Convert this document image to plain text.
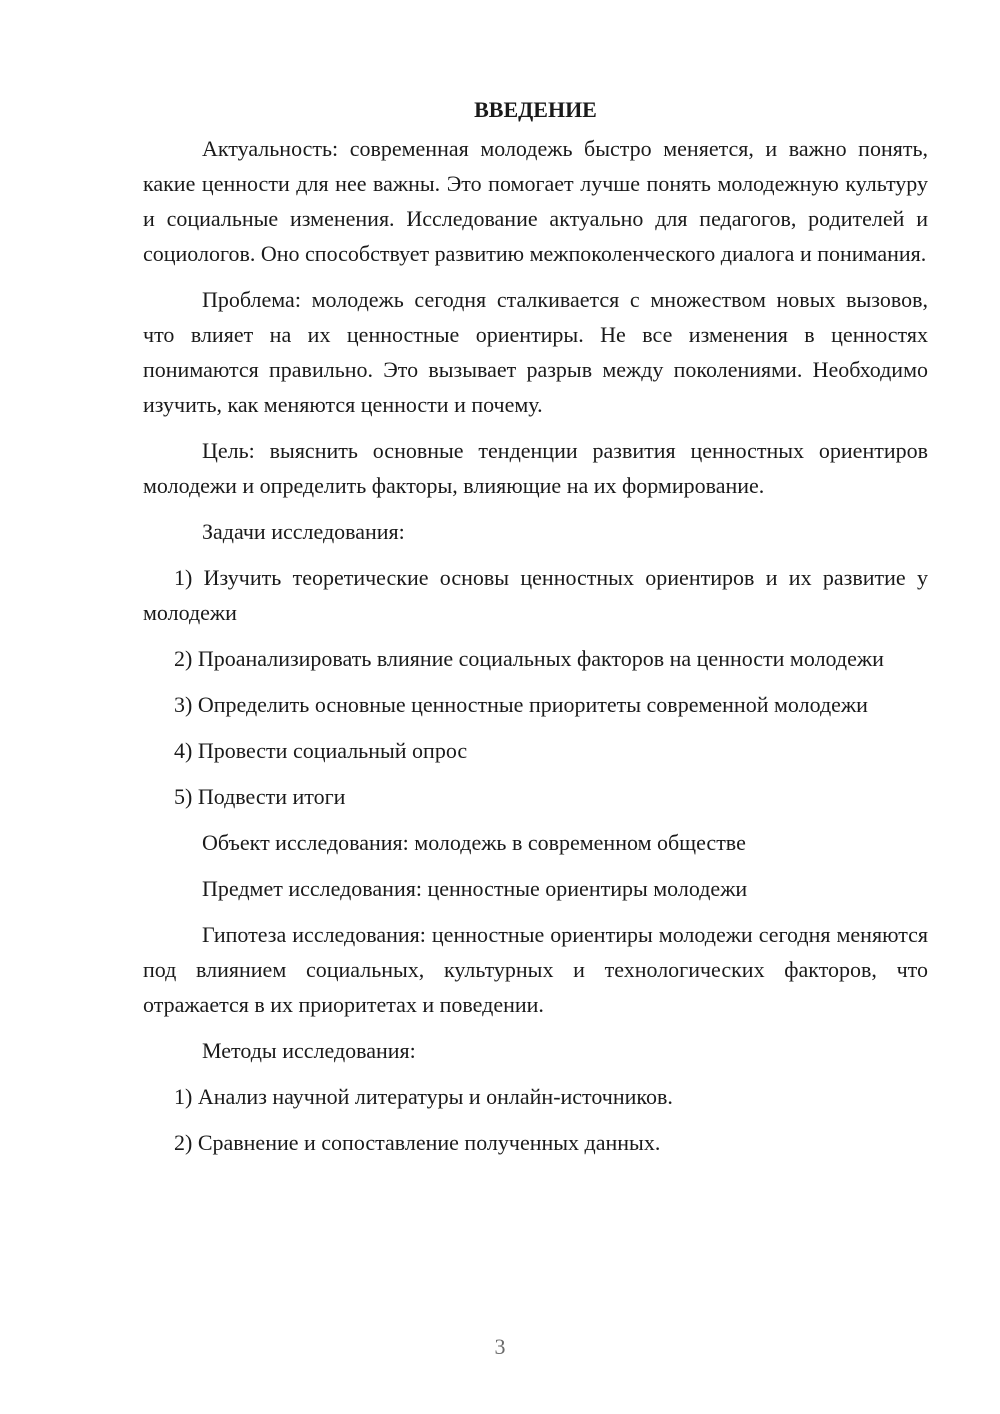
ВВЕДЕНИЕ

Актуальность: современная молодежь быстро меняется, и важно понять, какие ценности для нее важны. Это помогает лучше понять молодежную культуру и социальные изменения. Исследование актуально для педагогов, родителей и социологов. Оно способствует развитию межпоколенческого диалога и понимания.

Проблема: молодежь сегодня сталкивается с множеством новых вызовов, что влияет на их ценностные ориентиры. Не все изменения в ценностях понимаются правильно. Это вызывает разрыв между поколениями. Необходимо изучить, как меняются ценности и почему.

Цель: выяснить основные тенденции развития ценностных ориентиров молодежи и определить факторы, влияющие на их формирование.

Задачи исследования:

1) Изучить теоретические основы ценностных ориентиров и их развитие у молодежи

2) Проанализировать влияние социальных факторов на ценности молодежи

3) Определить основные ценностные приоритеты современной молодежи

4) Провести социальный опрос

5) Подвести итоги

Объект исследования: молодежь в современном обществе

Предмет исследования: ценностные ориентиры молодежи

Гипотеза исследования: ценностные ориентиры молодежи сегодня меняются под влиянием социальных, культурных и технологических факторов, что отражается в их приоритетах и поведении.

Методы исследования:

1) Анализ научной литературы и онлайн-источников.

2) Сравнение и сопоставление полученных данных.

3
